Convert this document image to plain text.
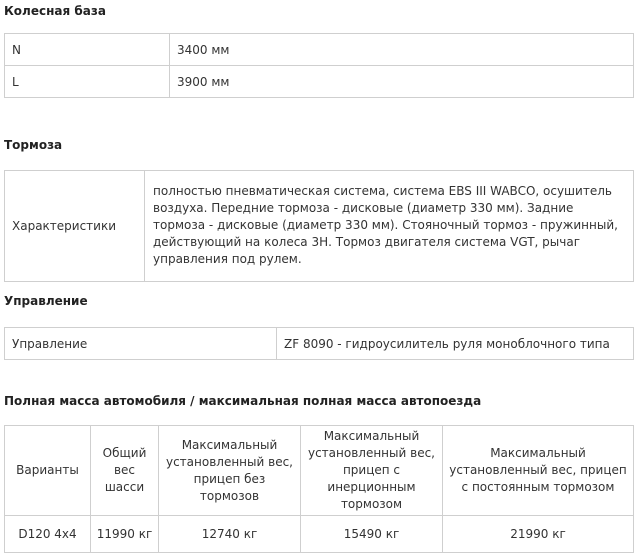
Колесная база
N	3400 мм
L	3900 мм
Тормоза
Характеристики	полностью пневматическая система, система EBS III WABCO, осушитель воздуха. Передние тормоза - дисковые (диаметр 330 мм). Задние тормоза - дисковые (диаметр 330 мм). Стояночный тормоз - пружинный, действующий на колеса 3Н. Тормоз двигателя система VGT, рычаг управления под рулем.
Управление
Управление	ZF 8090 - гидроусилитель руля моноблочного типа
Полная масса автомобиля / максимальная полная масса автопоезда
Варианты	Общий вес шасси	Максимальный установленный вес, прицеп без тормозов	Максимальный установленный вес, прицеп с инерционным тормозом	Максимальный установленный вес, прицеп с постоянным тормозом
D120 4x4	11990 кг	12740 кг	15490 кг	21990 кг
